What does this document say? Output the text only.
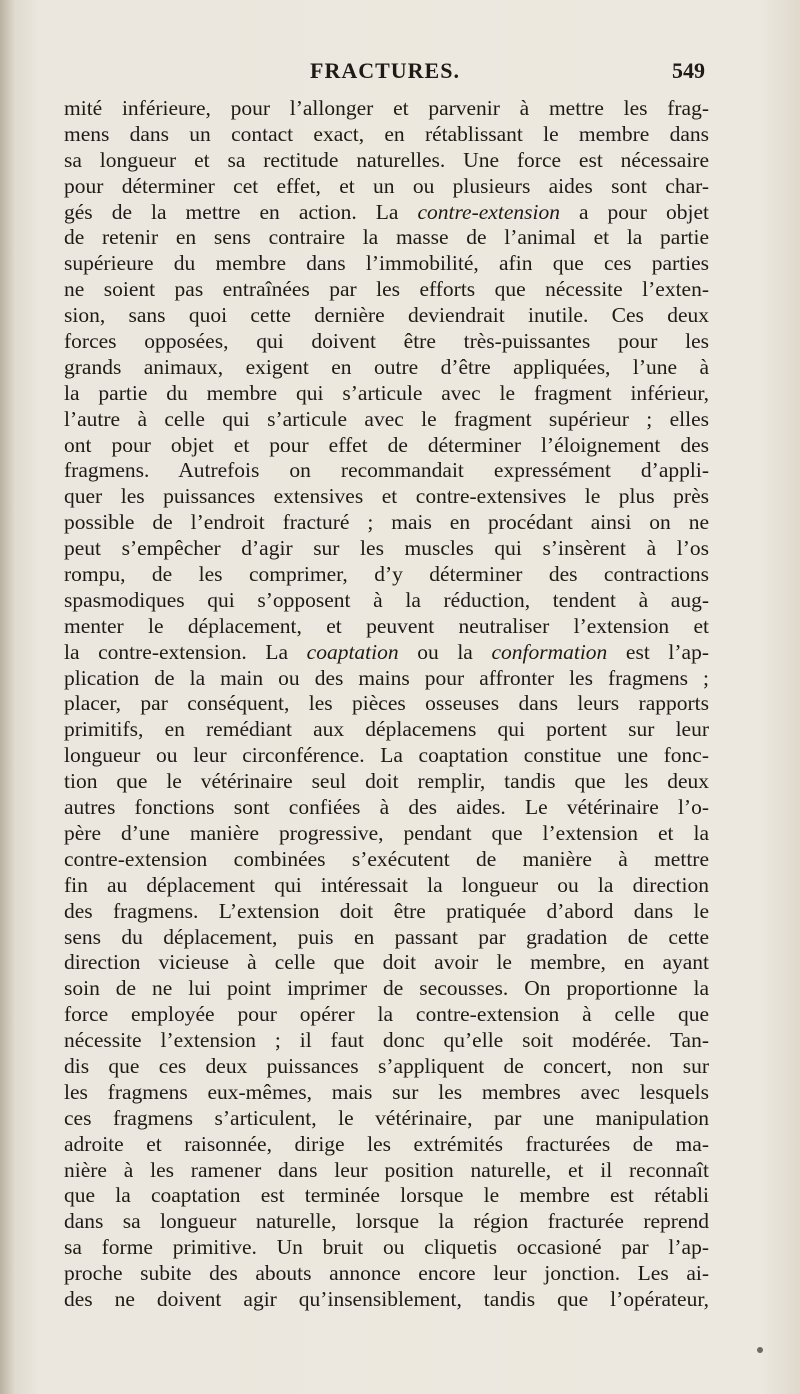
FRACTURES.	549
mité inférieure, pour l’allonger et parvenir à mettre les frag-
mens dans un contact exact, en rétablissant le membre dans
sa longueur et sa rectitude naturelles. Une force est nécessaire
pour déterminer cet effet, et un ou plusieurs aides sont char-
gés de la mettre en action. La contre-extension a pour objet
de retenir en sens contraire la masse de l’animal et la partie
supérieure du membre dans l’immobilité, afin que ces parties
ne soient pas entraînées par les efforts que nécessite l’exten-
sion, sans quoi cette dernière deviendrait inutile. Ces deux
forces opposées, qui doivent être très-puissantes pour les
grands animaux, exigent en outre d’être appliquées, l’une à
la partie du membre qui s’articule avec le fragment inférieur,
l’autre à celle qui s’articule avec le fragment supérieur ; elles
ont pour objet et pour effet de déterminer l’éloignement des
fragmens. Autrefois on recommandait expressément d’appli-
quer les puissances extensives et contre-extensives le plus près
possible de l’endroit fracturé ; mais en procédant ainsi on ne
peut s’empêcher d’agir sur les muscles qui s’insèrent à l’os
rompu, de les comprimer, d’y déterminer des contractions
spasmodiques qui s’opposent à la réduction, tendent à aug-
menter le déplacement, et peuvent neutraliser l’extension et
la contre-extension. La coaptation ou la conformation est l’ap-
plication de la main ou des mains pour affronter les fragmens ;
placer, par conséquent, les pièces osseuses dans leurs rapports
primitifs, en remédiant aux déplacemens qui portent sur leur
longueur ou leur circonférence. La coaptation constitue une fonc-
tion que le vétérinaire seul doit remplir, tandis que les deux
autres fonctions sont confiées à des aides. Le vétérinaire l’o-
père d’une manière progressive, pendant que l’extension et la
contre-extension combinées s’exécutent de manière à mettre
fin au déplacement qui intéressait la longueur ou la direction
des fragmens. L’extension doit être pratiquée d’abord dans le
sens du déplacement, puis en passant par gradation de cette
direction vicieuse à celle que doit avoir le membre, en ayant
soin de ne lui point imprimer de secousses. On proportionne la
force employée pour opérer la contre-extension à celle que
nécessite l’extension ; il faut donc qu’elle soit modérée. Tan-
dis que ces deux puissances s’appliquent de concert, non sur
les fragmens eux-mêmes, mais sur les membres avec lesquels
ces fragmens s’articulent, le vétérinaire, par une manipulation
adroite et raisonnée, dirige les extrémités fracturées de ma-
nière à les ramener dans leur position naturelle, et il reconnaît
que la coaptation est terminée lorsque le membre est rétabli
dans sa longueur naturelle, lorsque la région fracturée reprend
sa forme primitive. Un bruit ou cliquetis occasioné par l’ap-
proche subite des abouts annonce encore leur jonction. Les ai-
des ne doivent agir qu’insensiblement, tandis que l’opérateur,
